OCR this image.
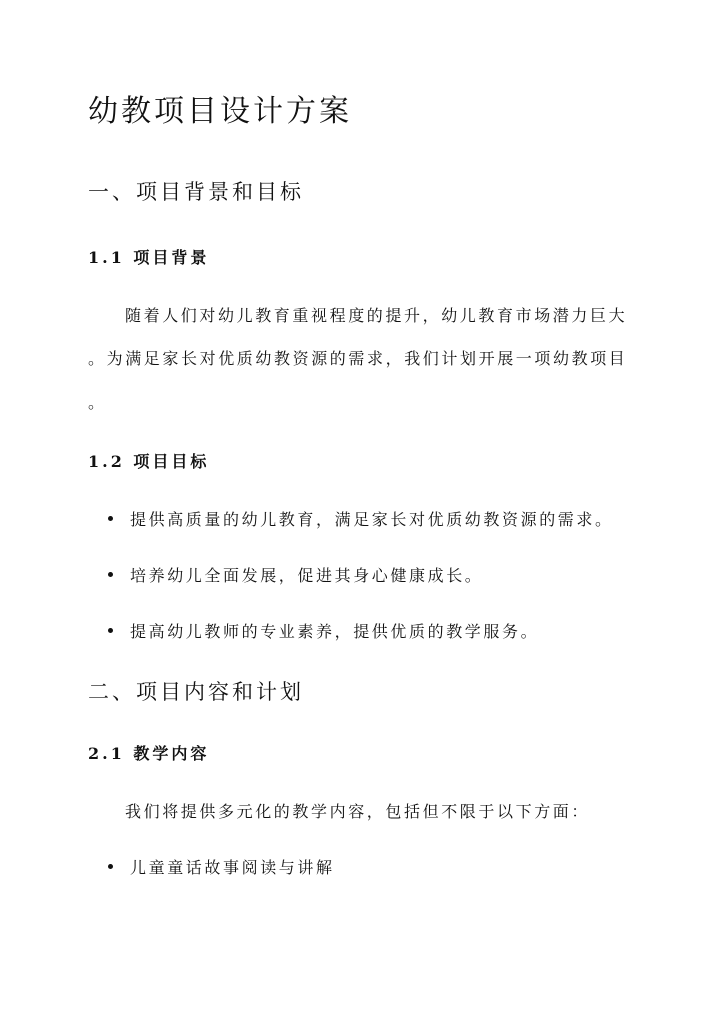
幼教项目设计方案
一、项目背景和目标
1.1 项目背景

随着人们对幼儿教育重视程度的提升，幼儿教育市场潜力巨大

。为满足家长对优质幼教资源的需求，我们计划开展一项幼教项目

。

1.2 项目目标
提供高质量的幼儿教育，满足家长对优质幼教资源的需求。
培养幼儿全面发展，促进其身心健康成长。
提高幼儿教师的专业素养，提供优质的教学服务。
二、项目内容和计划
2.1 教学内容

我们将提供多元化的教学内容，包括但不限于以下方面：

儿童童话故事阅读与讲解
